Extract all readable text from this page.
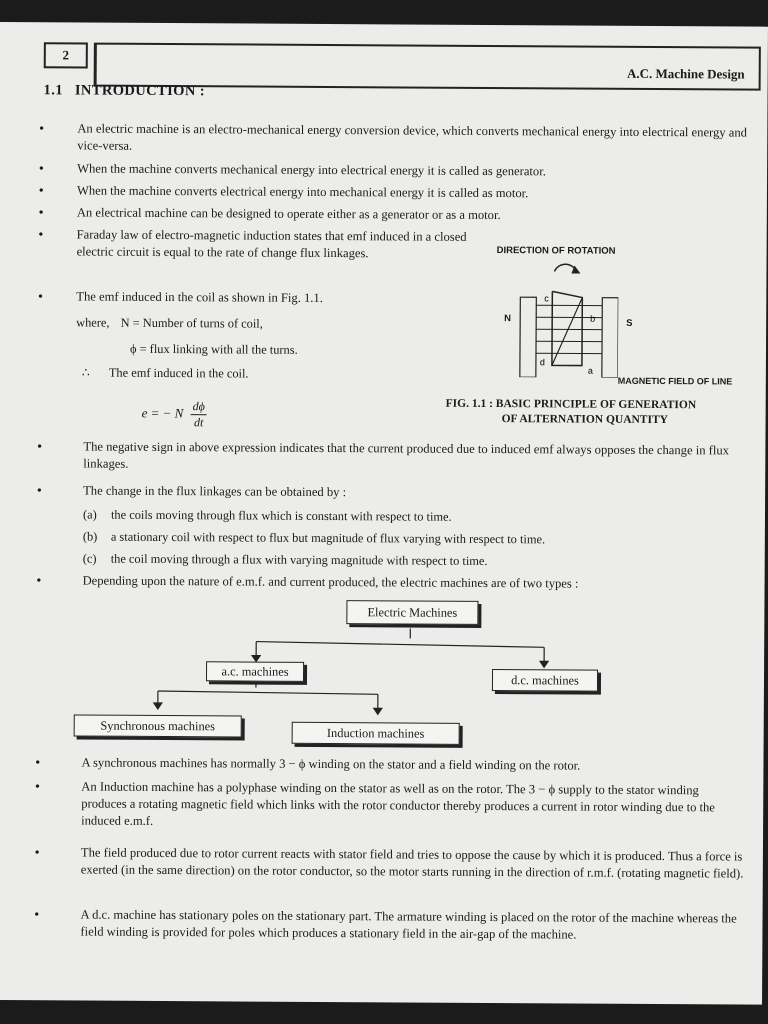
2
A.C. Machine Design
1.1 INTRODUCTION :
•	An electric machine is an electro-mechanical energy conversion device, which converts mechanical energy into electrical energy and vice-versa.
•	When the machine converts mechanical energy into electrical energy it is called as generator.
•	When the machine converts electrical energy into mechanical energy it is called as motor.
•	An electrical machine can be designed to operate either as a generator or as a motor.
•	Faraday law of electro-magnetic induction states that emf induced in a closed electric circuit is equal to the rate of change flux linkages.
•	The emf induced in the coil as shown in Fig. 1.1.
where, N = Number of turns of coil,
ϕ = flux linking with all the turns.
∴ The emf induced in the coil.
e = − N $\frac{d\phi}{dt}$
DIRECTION OF ROTATION
d
c
b
a
N	S
MAGNETIC FIELD OF LINE
FIG. 1.1 : BASIC PRINCIPLE OF GENERATION
OF ALTERNATION QUANTITY
•	The negative sign in above expression indicates that the current produced due to induced emf always opposes the change in flux linkages.
•	The change in the flux linkages can be obtained by :
(a) the coils moving through flux which is constant with respect to time.
(b) a stationary coil with respect to flux but magnitude of flux varying with respect to time.
(c) the coil moving through a flux with varying magnitude with respect to time.
•	Depending upon the nature of e.m.f. and current produced, the electric machines are of two types :
Electric Machines
a.c. machines
d.c. machines
Synchronous machines	Induction machines
•	A synchronous machines has normally 3 − ϕ winding on the stator and a field winding on the rotor.
•	An Induction machine has a polyphase winding on the stator as well as on the rotor. The 3 − ϕ supply to the stator winding produces a rotating magnetic field which links with the rotor conductor thereby produces a current in rotor winding due to the induced e.m.f.
•	The field produced due to rotor current reacts with stator field and tries to oppose the cause by which it is produced. Thus a force is exerted (in the same direction) on the rotor conductor, so the motor starts running in the direction of r.m.f. (rotating magnetic field).
•	A d.c. machine has stationary poles on the stationary part. The armature winding is placed on the rotor of the machine whereas the field winding is provided for poles which produces a stationary field in the air-gap of the machine.
